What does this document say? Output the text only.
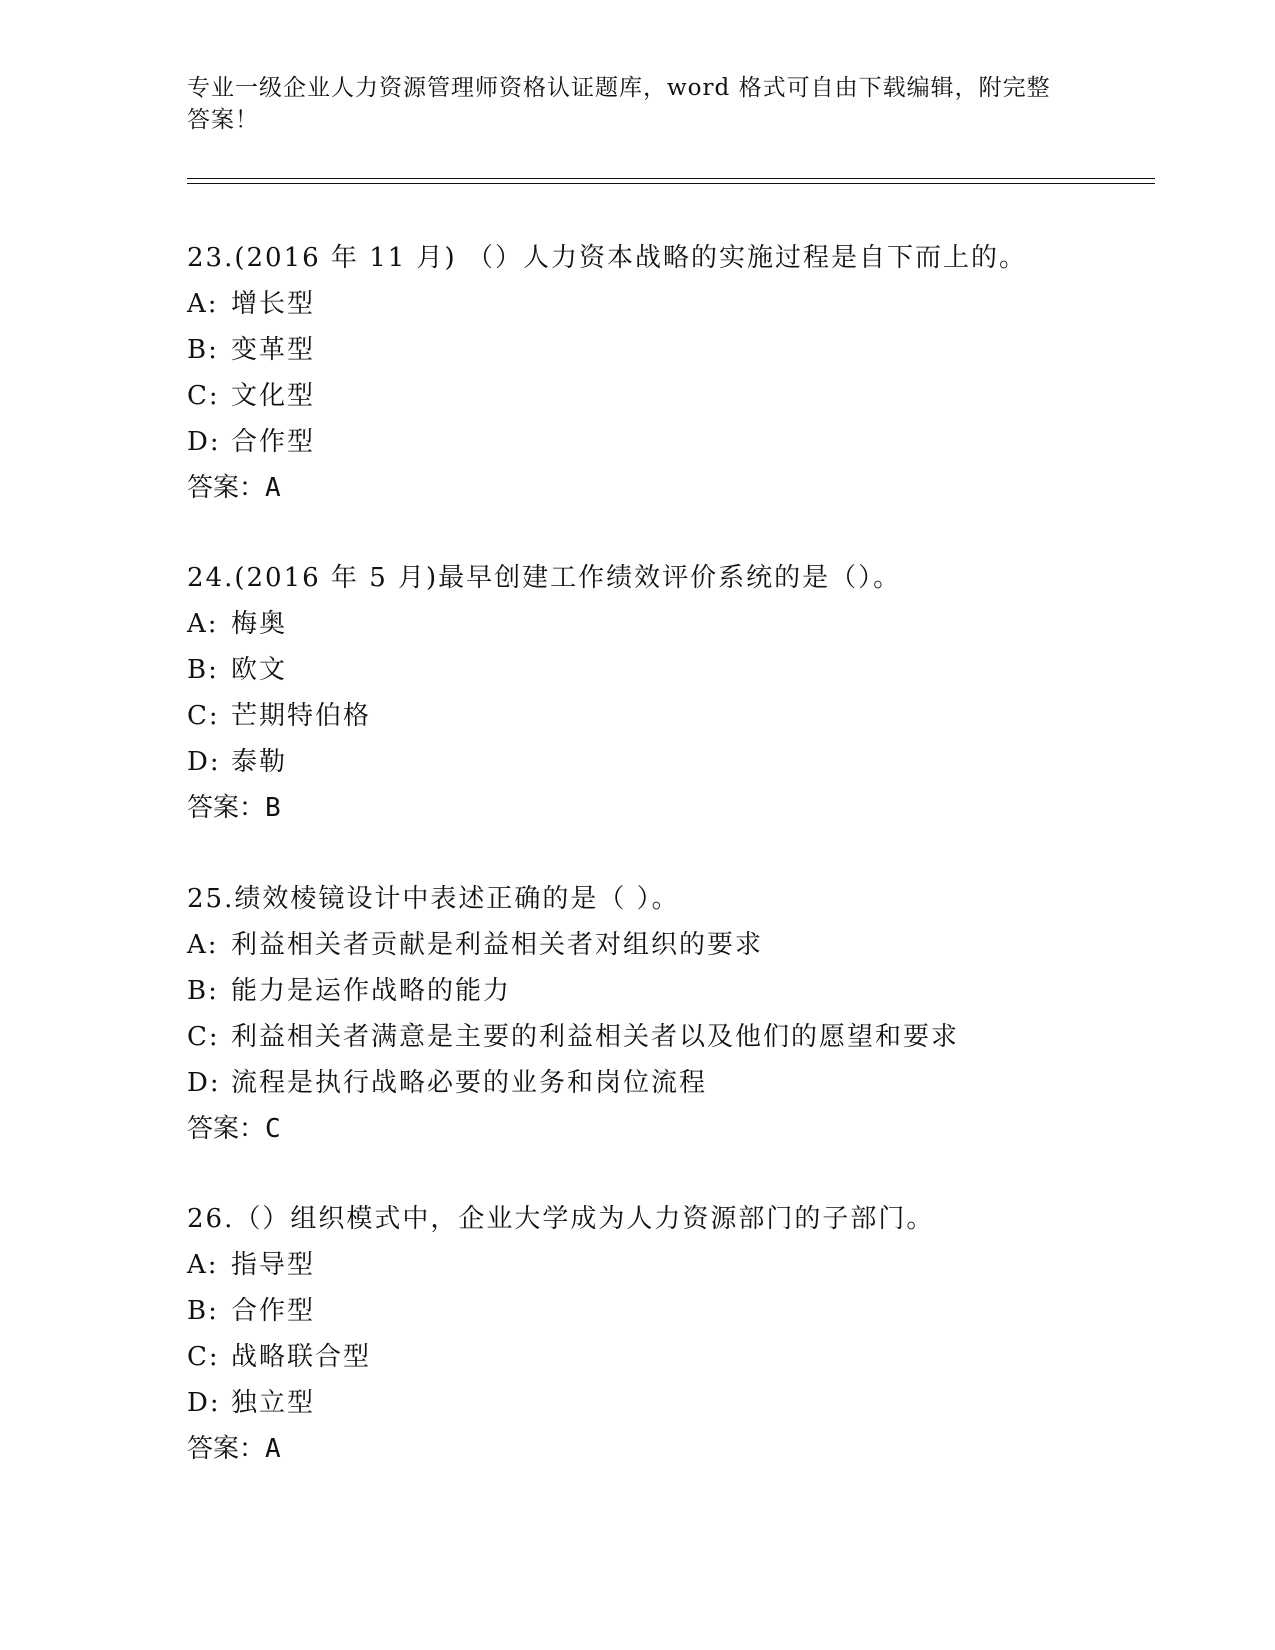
专业一级企业人力资源管理师资格认证题库，word 格式可自由下载编辑，附完整
答案！
23.(2016 年 11 月) （）人力资本战略的实施过程是自下而上的。
A: 增长型
B: 变革型
C: 文化型
D: 合作型
答案：A
24.(2016 年 5 月)最早创建工作绩效评价系统的是（）。
A: 梅奥
B: 欧文
C: 芒期特伯格
D: 泰勒
答案：B
25.绩效棱镜设计中表述正确的是（ ）。
A: 利益相关者贡献是利益相关者对组织的要求
B: 能力是运作战略的能力
C: 利益相关者满意是主要的利益相关者以及他们的愿望和要求
D: 流程是执行战略必要的业务和岗位流程
答案：C
26.（）组织模式中，企业大学成为人力资源部门的子部门。
A: 指导型
B: 合作型
C: 战略联合型
D: 独立型
答案：A
